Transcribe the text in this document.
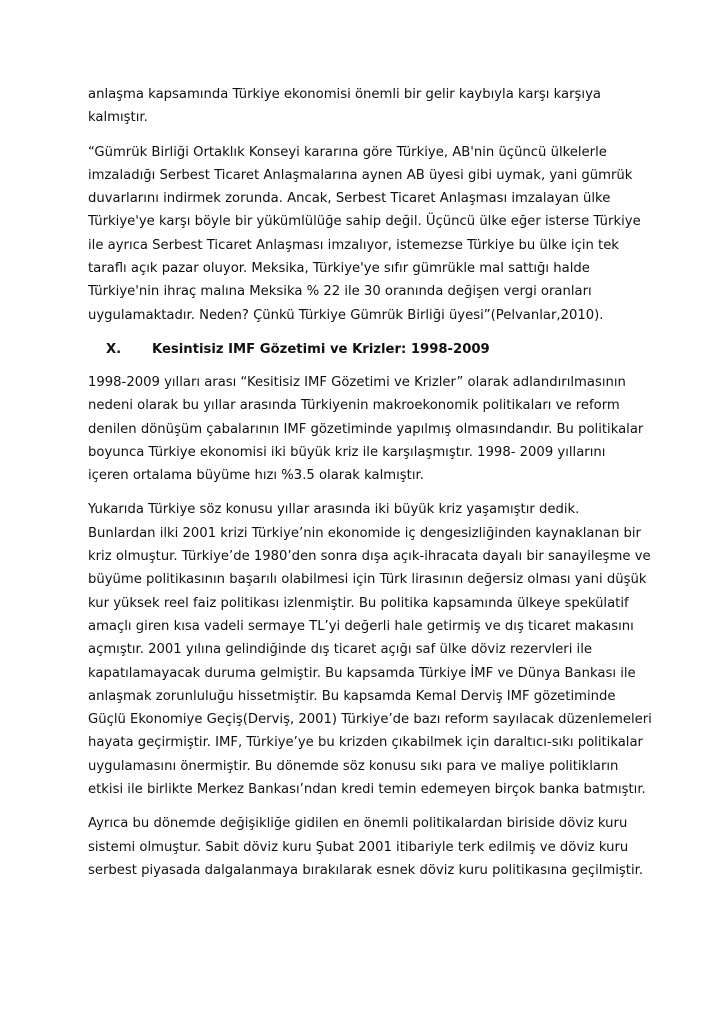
anlaşma kapsamında Türkiye ekonomisi önemli bir gelir kaybıyla karşı karşıya
kalmıştır.
“Gümrük Birliği Ortaklık Konseyi kararına göre Türkiye, AB'nin üçüncü ülkelerle
imzaladığı Serbest Ticaret Anlaşmalarına aynen AB üyesi gibi uymak, yani gümrük
duvarlarını indirmek zorunda. Ancak, Serbest Ticaret Anlaşması imzalayan ülke
Türkiye'ye karşı böyle bir yükümlülüğe sahip değil. Üçüncü ülke eğer isterse Türkiye
ile ayrıca Serbest Ticaret Anlaşması imzalıyor, istemezse Türkiye bu ülke için tek
taraflı açık pazar oluyor. Meksika, Türkiye'ye sıfır gümrükle mal sattığı halde
Türkiye'nin ihraç malına Meksika % 22 ile 30 oranında değişen vergi oranları
uygulamaktadır. Neden? Çünkü Türkiye Gümrük Birliği üyesi”(Pelvanlar,2010).
X.	Kesintisiz IMF Gözetimi ve Krizler: 1998-2009
1998-2009 yılları arası “Kesitisiz IMF Gözetimi ve Krizler” olarak adlandırılmasının
nedeni olarak bu yıllar arasında Türkiyenin makroekonomik politikaları ve reform
denilen dönüşüm çabalarının IMF gözetiminde yapılmış olmasındandır. Bu politikalar
boyunca Türkiye ekonomisi iki büyük kriz ile karşılaşmıştır. 1998- 2009 yıllarını
içeren ortalama büyüme hızı %3.5 olarak kalmıştır.
Yukarıda Türkiye söz konusu yıllar arasında iki büyük kriz yaşamıştır dedik.
Bunlardan ilki 2001 krizi Türkiye’nin ekonomide iç dengesizliğinden kaynaklanan bir
kriz olmuştur. Türkiye’de 1980’den sonra dışa açık-ihracata dayalı bir sanayileşme ve
büyüme politikasının başarılı olabilmesi için Türk lirasının değersiz olması yani düşük
kur yüksek reel faiz politikası izlenmiştir. Bu politika kapsamında ülkeye spekülatif
amaçlı giren kısa vadeli sermaye TL’yi değerli hale getirmiş ve dış ticaret makasını
açmıştır. 2001 yılına gelindiğinde dış ticaret açığı saf ülke döviz rezervleri ile
kapatılamayacak duruma gelmiştir. Bu kapsamda Türkiye İMF ve Dünya Bankası ile
anlaşmak zorunluluğu hissetmiştir. Bu kapsamda Kemal Derviş IMF gözetiminde
Güçlü Ekonomiye Geçiş(Derviş, 2001) Türkiye’de bazı reform sayılacak düzenlemeleri
hayata geçirmiştir. IMF, Türkiye’ye bu krizden çıkabilmek için daraltıcı-sıkı politikalar
uygulamasını önermiştir. Bu dönemde söz konusu sıkı para ve maliye politikların
etkisi ile birlikte Merkez Bankası’ndan kredi temin edemeyen birçok banka batmıştır.
Ayrıca bu dönemde değişikliğe gidilen en önemli politikalardan biriside döviz kuru
sistemi olmuştur. Sabit döviz kuru Şubat 2001 itibariyle terk edilmiş ve döviz kuru
serbest piyasada dalgalanmaya bırakılarak esnek döviz kuru politikasına geçilmiştir.
